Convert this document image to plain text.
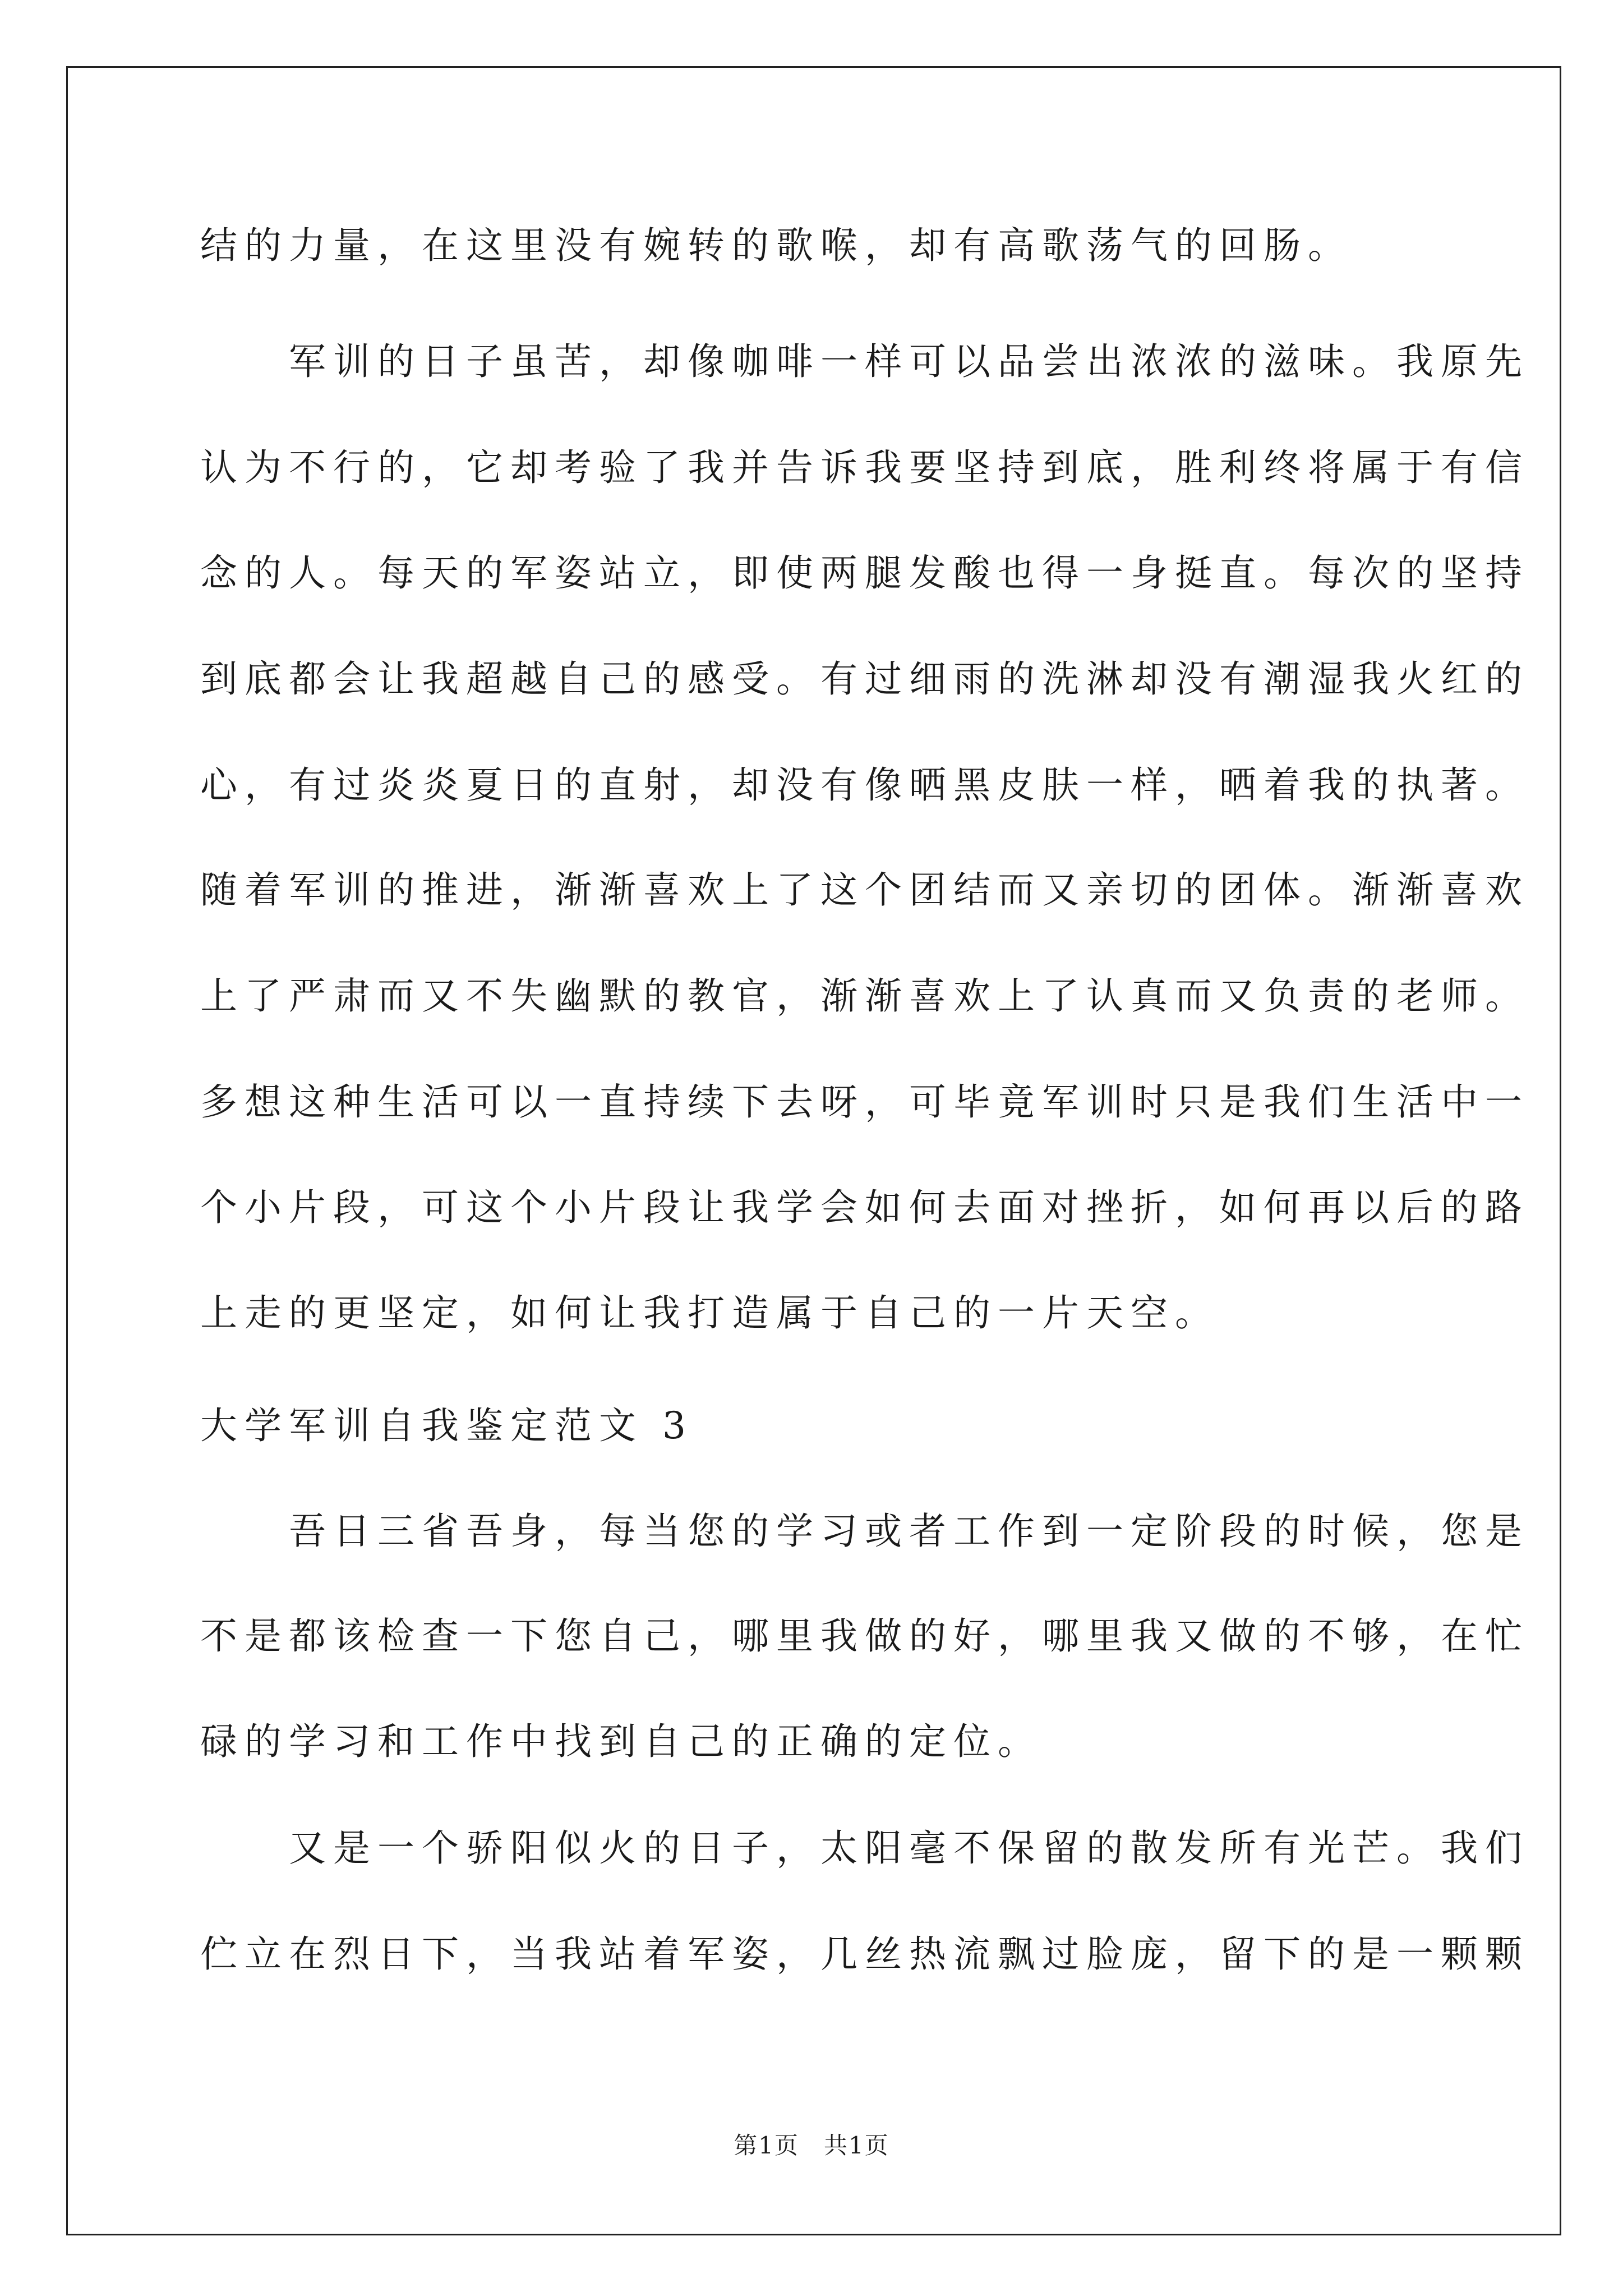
结的力量，在这里没有婉转的歌喉，却有高歌荡气的回肠。
　　军训的日子虽苦，却像咖啡一样可以品尝出浓浓的滋味。我原先
认为不行的，它却考验了我并告诉我要坚持到底，胜利终将属于有信
念的人。每天的军姿站立，即使两腿发酸也得一身挺直。每次的坚持
到底都会让我超越自己的感受。有过细雨的洗淋却没有潮湿我火红的
心，有过炎炎夏日的直射，却没有像晒黑皮肤一样，晒着我的执著。
随着军训的推进，渐渐喜欢上了这个团结而又亲切的团体。渐渐喜欢
上了严肃而又不失幽默的教官，渐渐喜欢上了认真而又负责的老师。
多想这种生活可以一直持续下去呀，可毕竟军训时只是我们生活中一
个小片段，可这个小片段让我学会如何去面对挫折，如何再以后的路
上走的更坚定，如何让我打造属于自己的一片天空。
大学军训自我鉴定范文 3
　　吾日三省吾身，每当您的学习或者工作到一定阶段的时候，您是
不是都该检查一下您自己，哪里我做的好，哪里我又做的不够，在忙
碌的学习和工作中找到自己的正确的定位。
　　又是一个骄阳似火的日子，太阳毫不保留的散发所有光芒。我们
伫立在烈日下，当我站着军姿，几丝热流飘过脸庞，留下的是一颗颗
第1页　共1页
